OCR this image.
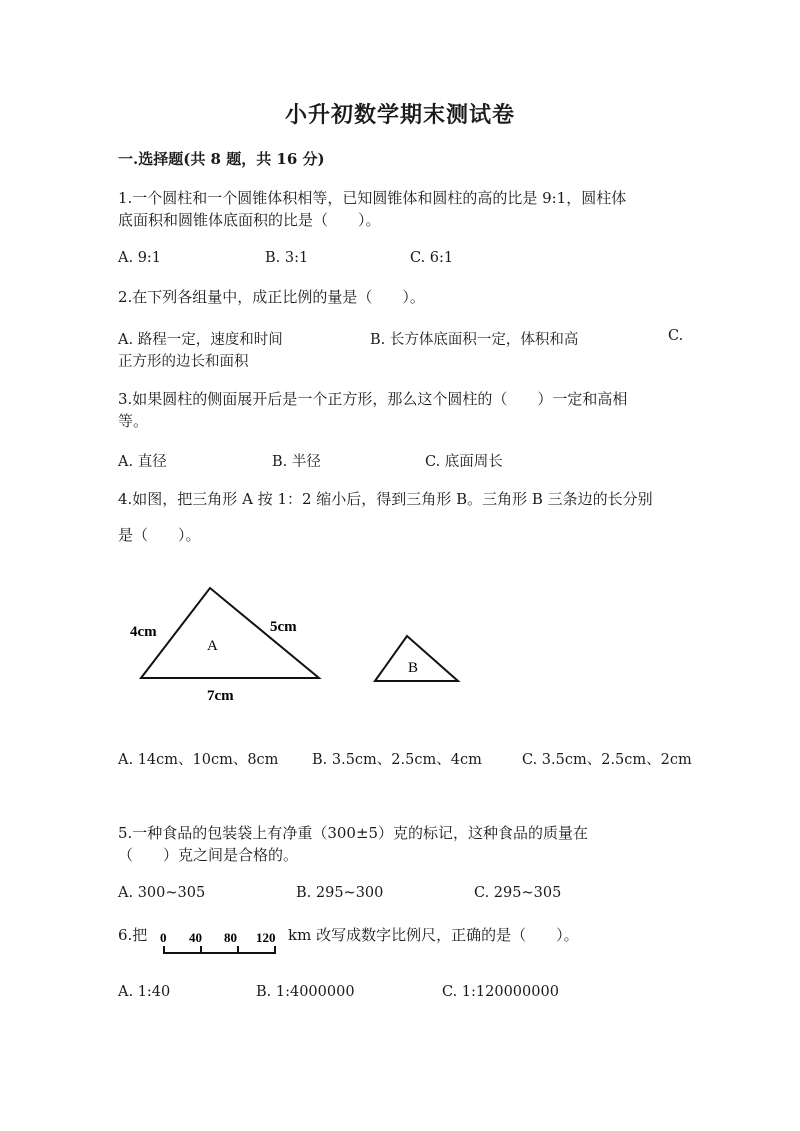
小升初数学期末测试卷
一.选择题(共 8 题，共 16 分)
1.一个圆柱和一个圆锥体积相等，已知圆锥体和圆柱的高的比是 9:1，圆柱体
底面积和圆锥体底面积的比是（　　）。
A. 9:1	B. 3:1	C. 6:1
2.在下列各组量中，成正比例的量是（　　）。
A. 路程一定，速度和时间	B. 长方体底面积一定，体积和高	C.
正方形的边长和面积
3.如果圆柱的侧面展开后是一个正方形，那么这个圆柱的（　　）一定和高相
等。
A. 直径	B. 半径	C. 底面周长
4.如图，把三角形 A 按 1：2 缩小后，得到三角形 B。三角形 B 三条边的长分别
是（　　）。
A
B
4cm	5cm
7cm
A. 14cm、10cm、8cm B. 3.5cm、2.5cm、4cm	C. 3.5cm、2.5cm、2cm
5.一种食品的包装袋上有净重（300±5）克的标记，这种食品的质量在
（　　）克之间是合格的。
A. 300~305	B. 295~300	C. 295~305
6.把 0 40 80 120 km 改写成数字比例尺，正确的是（　　）。
A. 1:40	B. 1:4000000	C. 1:120000000
